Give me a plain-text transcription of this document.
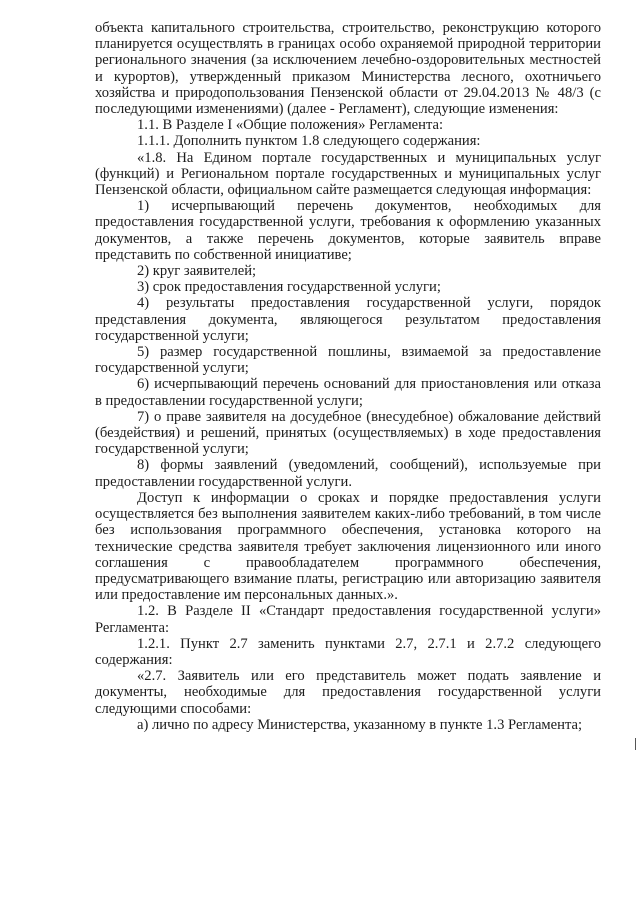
объекта капитального строительства, строительство, реконструкцию которого планируется осуществлять в границах особо охраняемой природной территории регионального значения (за исключением лечебно-оздоровительных местностей и курортов), утвержденный приказом Министерства лесного, охотничьего хозяйства и природопользования Пензенской области от 29.04.2013 № 48/3 (с последующими изменениями) (далее - Регламент), следующие изменения:

1.1. В Разделе I «Общие положения» Регламента:

1.1.1. Дополнить пунктом 1.8 следующего содержания:

«1.8. На Едином портале государственных и муниципальных услуг (функций) и Региональном портале государственных и муниципальных услуг Пензенской области, официальном сайте размещается следующая информация:

1) исчерпывающий перечень документов, необходимых для предоставления государственной услуги, требования к оформлению указанных документов, а также перечень документов, которые заявитель вправе представить по собственной инициативе;

2) круг заявителей;

3) срок предоставления государственной услуги;

4) результаты предоставления государственной услуги, порядок представления документа, являющегося результатом предоставления государственной услуги;

5) размер государственной пошлины, взимаемой за предоставление государственной услуги;

6) исчерпывающий перечень оснований для приостановления или отказа в предоставлении государственной услуги;

7) о праве заявителя на досудебное (внесудебное) обжалование действий (бездействия) и решений, принятых (осуществляемых) в ходе предоставления государственной услуги;

8) формы заявлений (уведомлений, сообщений), используемые при предоставлении государственной услуги.

Доступ к информации о сроках и порядке предоставления услуги осуществляется без выполнения заявителем каких-либо требований, в том числе без использования программного обеспечения, установка которого на технические средства заявителя требует заключения лицензионного или иного соглашения с правообладателем программного обеспечения, предусматривающего взимание платы, регистрацию или авторизацию заявителя или предоставление им персональных данных.».

1.2. В Разделе II «Стандарт предоставления государственной услуги» Регламента:

1.2.1. Пункт 2.7 заменить пунктами 2.7, 2.7.1 и 2.7.2 следующего содержания:

«2.7. Заявитель или его представитель может подать заявление и документы, необходимые для предоставления государственной услуги следующими способами:

а) лично по адресу Министерства, указанному в пункте 1.3 Регламента;
